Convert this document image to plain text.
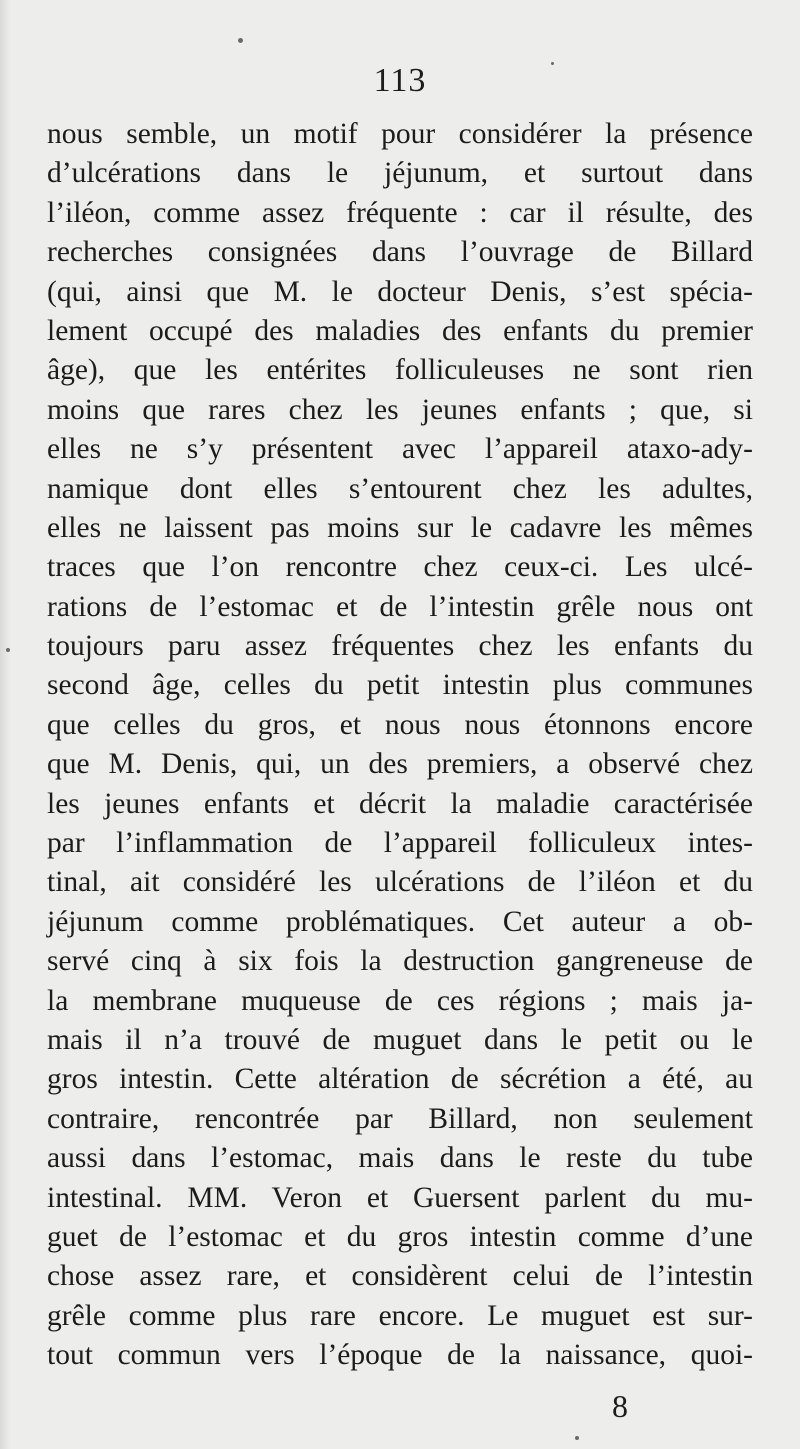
113
nous semble, un motif pour considérer la présence
d’ulcérations dans le jéjunum, et surtout dans
l’iléon, comme assez fréquente : car il résulte, des
recherches consignées dans l’ouvrage de Billard
(qui, ainsi que M. le docteur Denis, s’est spécia-
lement occupé des maladies des enfants du premier
âge), que les entérites folliculeuses ne sont rien
moins que rares chez les jeunes enfants ; que, si
elles ne s’y présentent avec l’appareil ataxo-ady-
namique dont elles s’entourent chez les adultes,
elles ne laissent pas moins sur le cadavre les mêmes
traces que l’on rencontre chez ceux-ci. Les ulcé-
rations de l’estomac et de l’intestin grêle nous ont
toujours paru assez fréquentes chez les enfants du
second âge, celles du petit intestin plus communes
que celles du gros, et nous nous étonnons encore
que M. Denis, qui, un des premiers, a observé chez
les jeunes enfants et décrit la maladie caractérisée
par l’inflammation de l’appareil folliculeux intes-
tinal, ait considéré les ulcérations de l’iléon et du
jéjunum comme problématiques. Cet auteur a ob-
servé cinq à six fois la destruction gangreneuse de
la membrane muqueuse de ces régions ; mais ja-
mais il n’a trouvé de muguet dans le petit ou le
gros intestin. Cette altération de sécrétion a été, au
contraire, rencontrée par Billard, non seulement
aussi dans l’estomac, mais dans le reste du tube
intestinal. MM. Veron et Guersent parlent du mu-
guet de l’estomac et du gros intestin comme d’une
chose assez rare, et considèrent celui de l’intestin
grêle comme plus rare encore. Le muguet est sur-
tout commun vers l’époque de la naissance, quoi-
8
